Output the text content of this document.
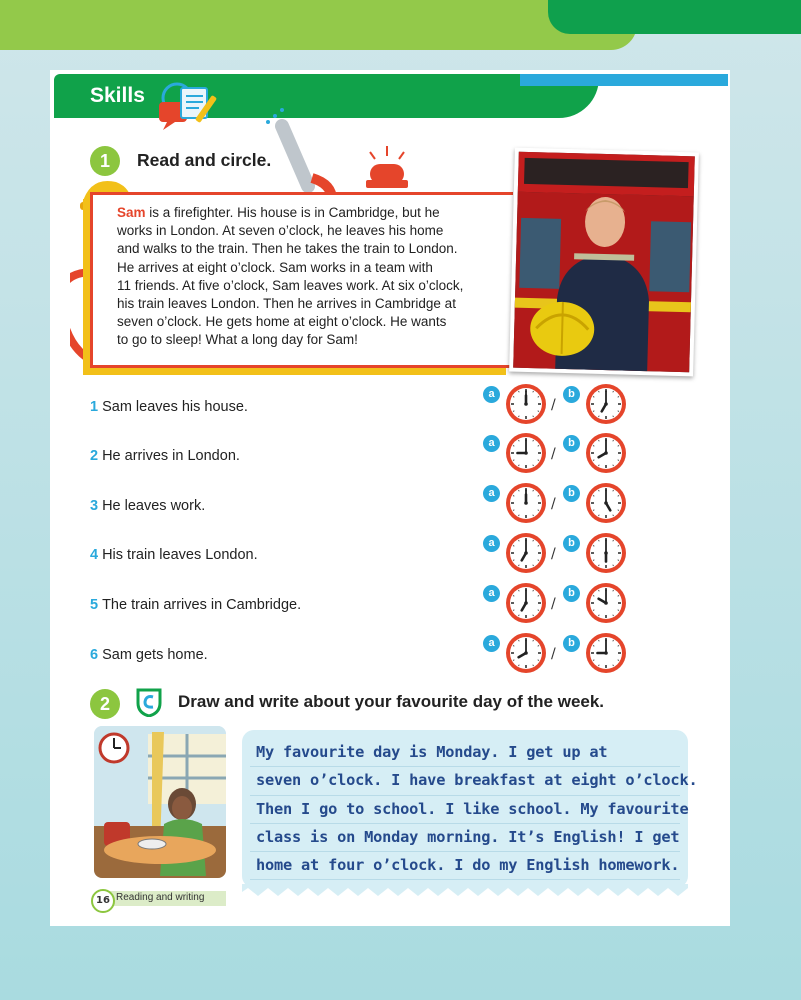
Skills
1	Read and circle.
Sam is a firefighter. His house is in Cambridge, but he
works in London. At seven o’clock, he leaves his home
and walks to the train. Then he takes the train to London.
He arrives at eight o’clock. Sam works in a team with
11 friends. At five o’clock, Sam leaves work. At six o’clock,
his train leaves London. Then he arrives in Cambridge at
seven o’clock. He gets home at eight o’clock. He wants
to go to sleep! What a long day for Sam!
1 Sam leaves his house.
2 He arrives in London.
3 He leaves work.
4 His train leaves London.
5 The train arrives in Cambridge.
6 Sam gets home.
a
/
b
a
/
b
a
/
b
a
/
b
a
/
b
a
/
b
2	Draw and write about your favourite day of the week.
16 Reading and writing
My favourite day is Monday. I get up at
seven o’clock. I have breakfast at eight o’clock.
Then I go to school. I like school. My favourite
class is on Monday morning. It’s English! I get
home at four o’clock. I do my English homework.
